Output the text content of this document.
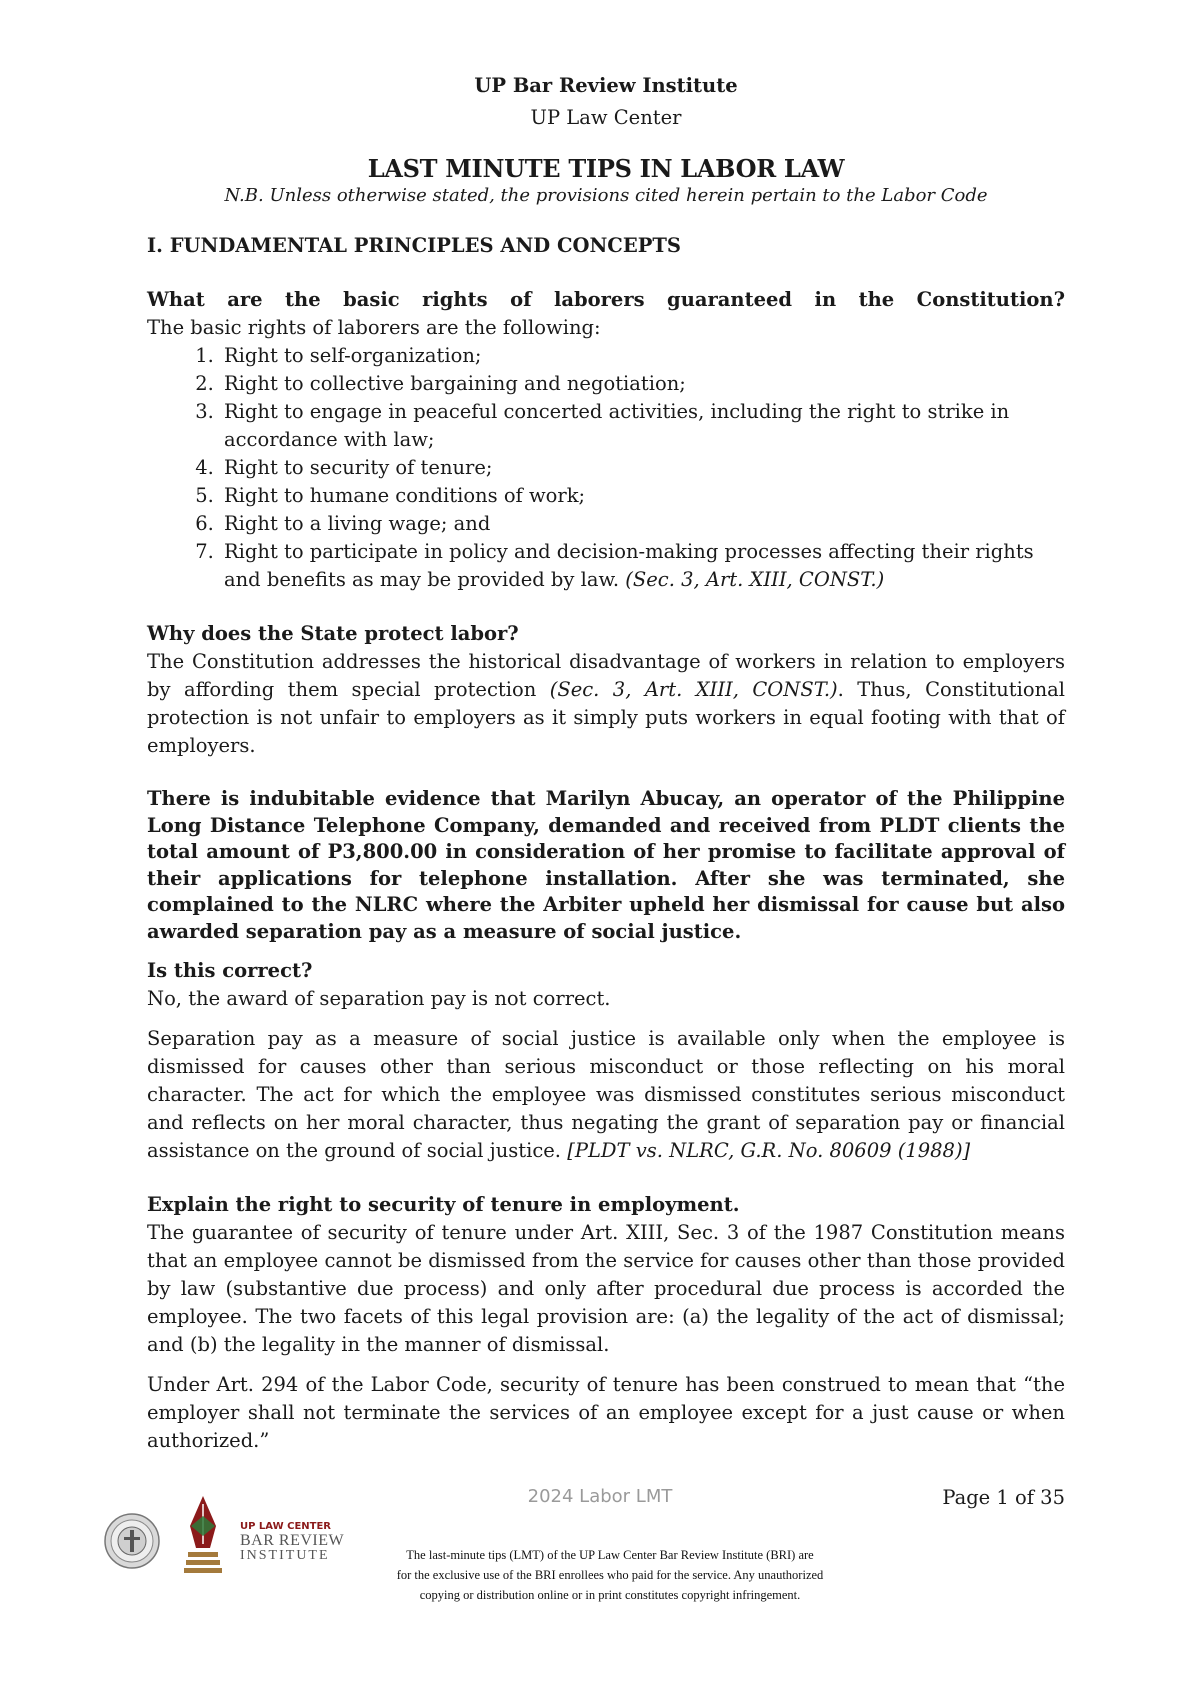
UP Bar Review Institute
UP Law Center
LAST MINUTE TIPS IN LABOR LAW
N.B. Unless otherwise stated, the provisions cited herein pertain to the Labor Code
I. FUNDAMENTAL PRINCIPLES AND CONCEPTS

What are the basic rights of laborers guaranteed in the Constitution?

The basic rights of laborers are the following:

1. Right to self-organization;
2. Right to collective bargaining and negotiation;
3. Right to engage in peaceful concerted activities, including the right to strike in accordance with law;
4. Right to security of tenure;
5. Right to humane conditions of work;
6. Right to a living wage; and
7. Right to participate in policy and decision-making processes affecting their rights and benefits as may be provided by law. (Sec. 3, Art. XIII, CONST.)

Why does the State protect labor?

The Constitution addresses the historical disadvantage of workers in relation to employers by affording them special protection (Sec. 3, Art. XIII, CONST.). Thus, Constitutional protection is not unfair to employers as it simply puts workers in equal footing with that of employers.

There is indubitable evidence that Marilyn Abucay, an operator of the Philippine Long Distance Telephone Company, demanded and received from PLDT clients the total amount of P3,800.00 in consideration of her promise to facilitate approval of their applications for telephone installation. After she was terminated, she complained to the NLRC where the Arbiter upheld her dismissal for cause but also awarded separation pay as a measure of social justice.

Is this correct?

No, the award of separation pay is not correct.

Separation pay as a measure of social justice is available only when the employee is dismissed for causes other than serious misconduct or those reflecting on his moral character. The act for which the employee was dismissed constitutes serious misconduct and reflects on her moral character, thus negating the grant of separation pay or financial assistance on the ground of social justice. [PLDT vs. NLRC, G.R. No. 80609 (1988)]

Explain the right to security of tenure in employment.

The guarantee of security of tenure under Art. XIII, Sec. 3 of the 1987 Constitution means that an employee cannot be dismissed from the service for causes other than those provided by law (substantive due process) and only after procedural due process is accorded the employee. The two facets of this legal provision are: (a) the legality of the act of dismissal; and (b) the legality in the manner of dismissal.

Under Art. 294 of the Labor Code, security of tenure has been construed to mean that “the employer shall not terminate the services of an employee except for a just cause or when authorized.”

2024 Labor LMT	Page 1 of 35
UP LAW CENTER
BAR REVIEW
INSTITUTE	The last-minute tips (LMT) of the UP Law Center Bar Review Institute (BRI) are
for the exclusive use of the BRI enrollees who paid for the service. Any unauthorized
copying or distribution online or in print constitutes copyright infringement.
